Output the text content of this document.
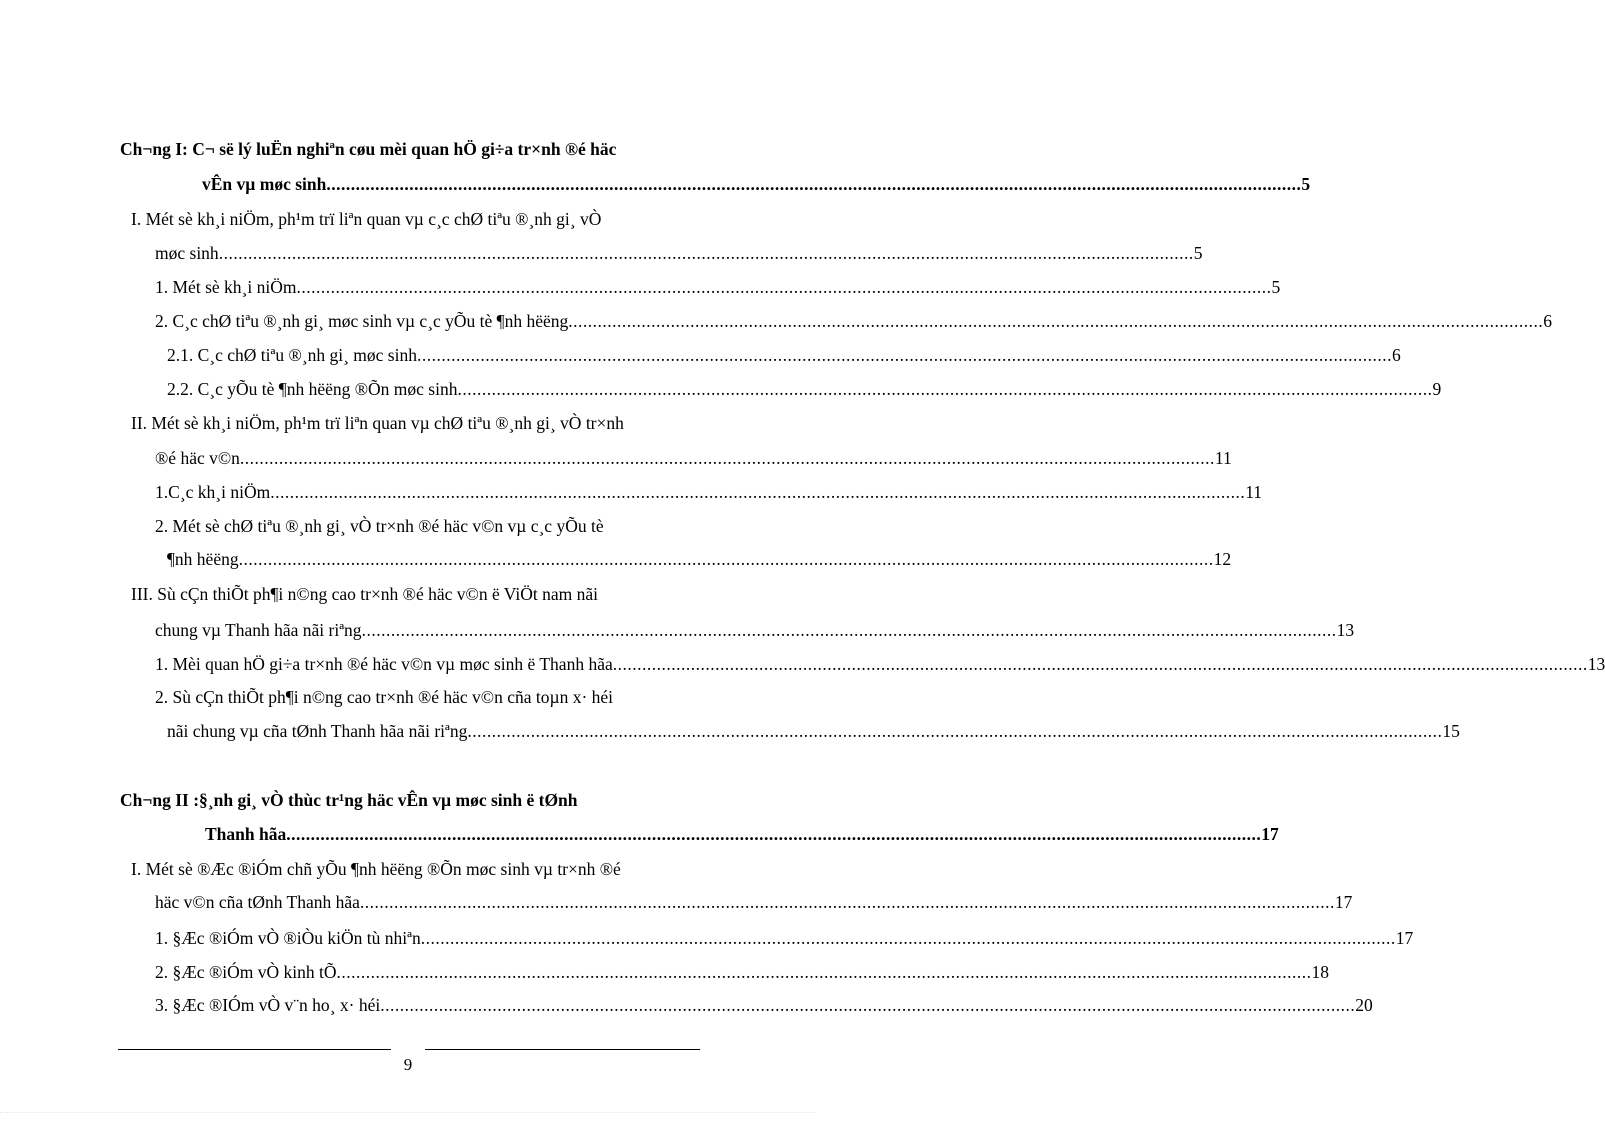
Ch¬ng I: C¬ së lý luËn nghiªn cøu mèi quan hÖ gi÷a tr×nh ®é häc
vÊn vµ møc sinh ........................................................................................................................................................................................................ 5
I. Mét sè kh¸i niÖm, ph¹m trï liªn quan vµ c¸c chØ tiªu ®¸nh gi¸ vÒ
møc sinh ........................................................................................................................................................................................................ 5
1. Mét sè kh¸i niÖm ........................................................................................................................................................................................................ 5
2. C¸c chØ tiªu ®¸nh gi¸ møc sinh vµ c¸c yÕu tè ¶nh hëëng ........................................................................................................................................................................................................ 6
2.1. C¸c chØ tiªu ®¸nh gi¸ møc sinh ........................................................................................................................................................................................................ 6
2.2. C¸c yÕu tè ¶nh hëëng ®Õn møc sinh ........................................................................................................................................................................................................ 9
II. Mét sè kh¸i niÖm, ph¹m trï liªn quan vµ chØ tiªu ®¸nh gi¸ vÒ tr×nh
®é häc v©n ........................................................................................................................................................................................................ 11
1.C¸c kh¸i niÖm ........................................................................................................................................................................................................ 11
2. Mét sè chØ tiªu ®¸nh gi¸ vÒ tr×nh ®é häc v©n vµ c¸c yÕu tè
¶nh hëëng ........................................................................................................................................................................................................ 12
III. Sù cÇn thiÕt ph¶i n©ng cao tr×nh ®é häc v©n ë ViÖt nam nãi
chung vµ Thanh hãa nãi riªng ........................................................................................................................................................................................................ 13
1. Mèi quan hÖ gi÷a tr×nh ®é häc v©n vµ møc sinh ë Thanh hãa ........................................................................................................................................................................................................ 13
2. Sù cÇn thiÕt ph¶i n©ng cao tr×nh ®é häc v©n cña toµn x· héi
nãi chung vµ cña tØnh Thanh hãa nãi riªng ........................................................................................................................................................................................................ 15
Ch¬ng II :§¸nh gi¸ vÒ thùc tr¹ng häc vÊn vµ møc sinh ë tØnh
Thanh hãa ........................................................................................................................................................................................................ 17
I. Mét sè ®Æc ®iÓm chñ yÕu ¶nh hëëng ®Õn møc sinh vµ tr×nh ®é
häc v©n cña tØnh Thanh hãa ........................................................................................................................................................................................................ 17
1. §Æc ®iÓm vÒ ®iÒu kiÖn tù nhiªn ........................................................................................................................................................................................................ 17
2. §Æc ®iÓm vÒ kinh tÕ ........................................................................................................................................................................................................ 18
3. §Æc ®IÓm vÒ v¨n ho¸ x· héi ........................................................................................................................................................................................................ 20
9
